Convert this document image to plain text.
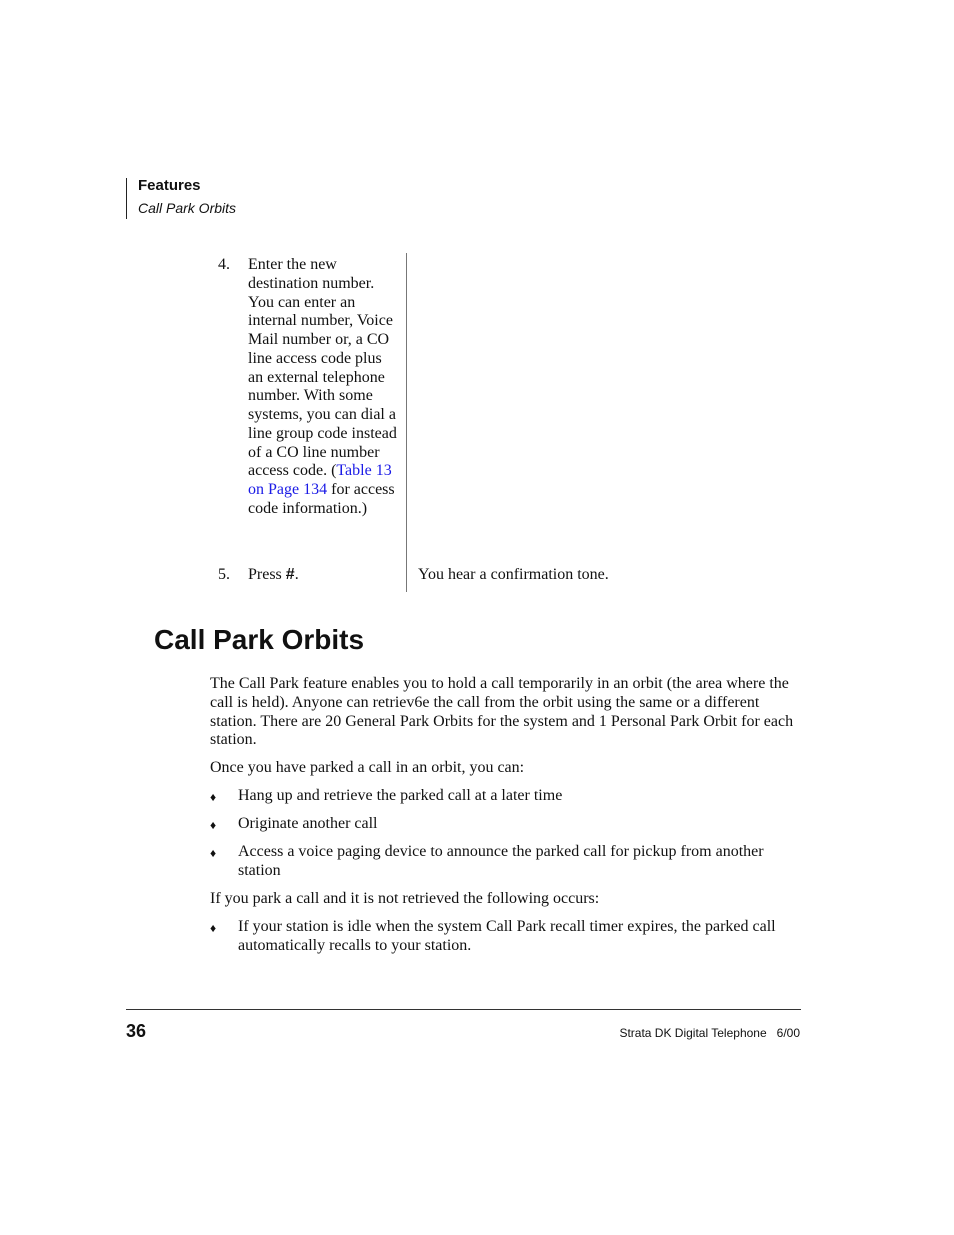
Features
Call Park Orbits
4. Enter the new destination number. You can enter an internal number, Voice Mail number or, a CO line access code plus an external telephone number. With some systems, you can dial a line group code instead of a CO line number access code. (Table 13 on Page 134 for access code information.)
5. Press #.	You hear a confirmation tone.
Call Park Orbits
The Call Park feature enables you to hold a call temporarily in an orbit (the area where the call is held). Anyone can retriev6e the call from the orbit using the same or a different station. There are 20 General Park Orbits for the system and 1 Personal Park Orbit for each station.
Once you have parked a call in an orbit, you can:
♦ Hang up and retrieve the parked call at a later time
♦ Originate another call
♦ Access a voice paging device to announce the parked call for pickup from another station
If you park a call and it is not retrieved the following occurs:
♦ If your station is idle when the system Call Park recall timer expires, the parked call automatically recalls to your station.
36	Strata DK Digital Telephone   6/00
